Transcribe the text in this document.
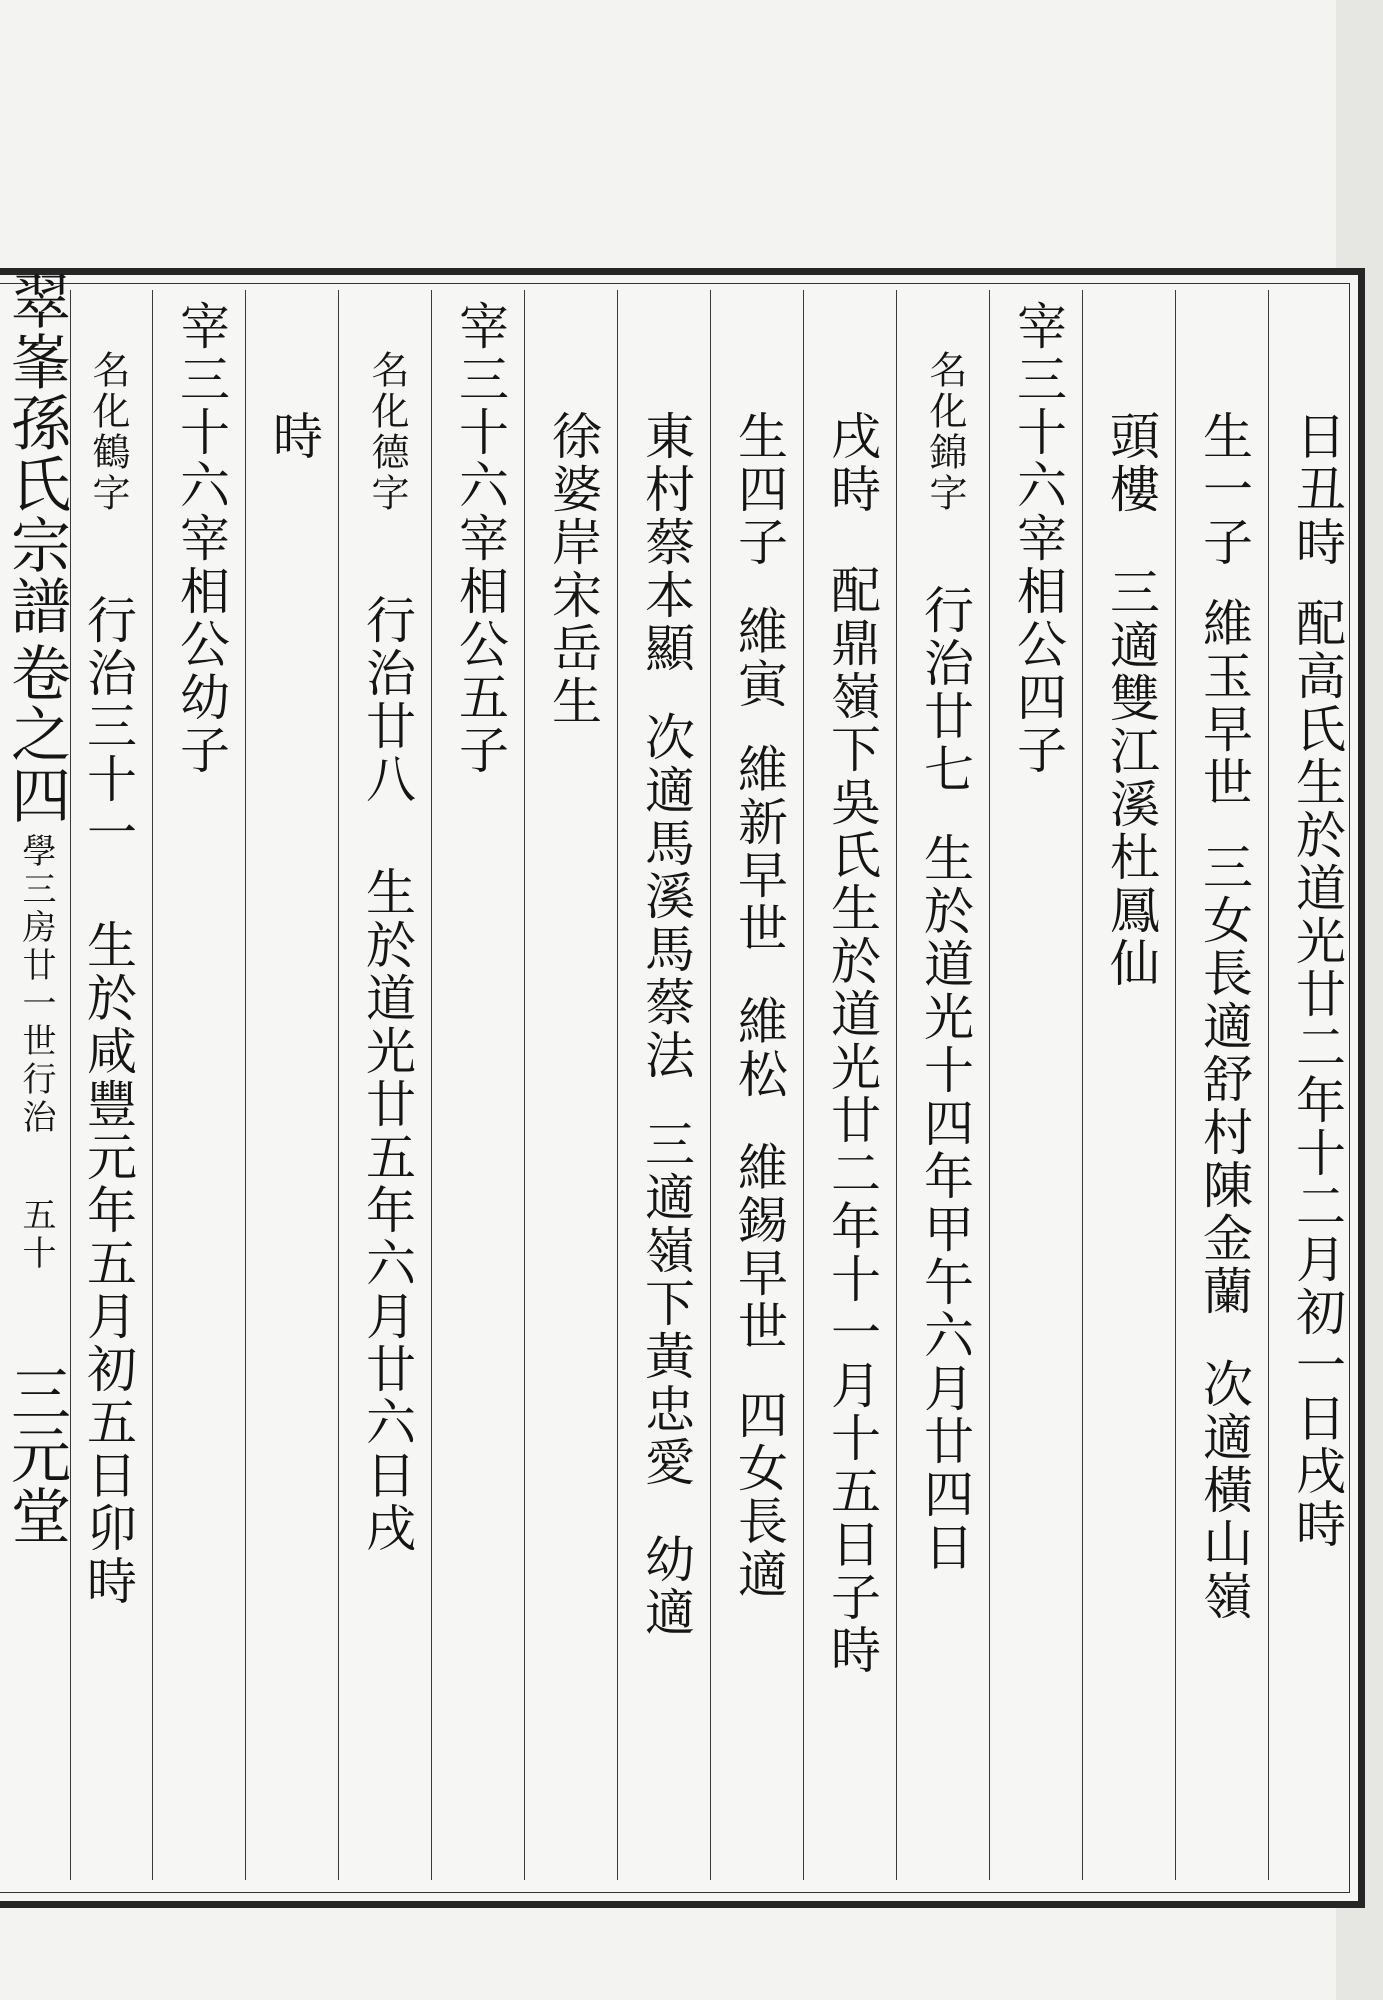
日丑時配高氏生於道光廿二年十二月初一日戌時
生一子維玉早世三女長適舒村陳金蘭次適橫山嶺
頭樓三適雙江溪杜鳳仙
宰三十六宰相公四子
名化錦字行治廿七生於道光十四年甲午六月廿四日
戌時配鼎嶺下吳氏生於道光廿二年十一月十五日子時
生四子維寅維新早世維松維錫早世四女長適
東村蔡本顯次適馬溪馬蔡法三適嶺下黃忠愛幼適
徐婆岸宋岳生
宰三十六宰相公五子
名化德字行治廿八生於道光廿五年六月廿六日戌
時
宰三十六宰相公幼子
名化鶴字行治三十一生於咸豐元年五月初五日卯時
翠峯孫氏宗譜卷之四學三房廿一世行治五十三元堂
